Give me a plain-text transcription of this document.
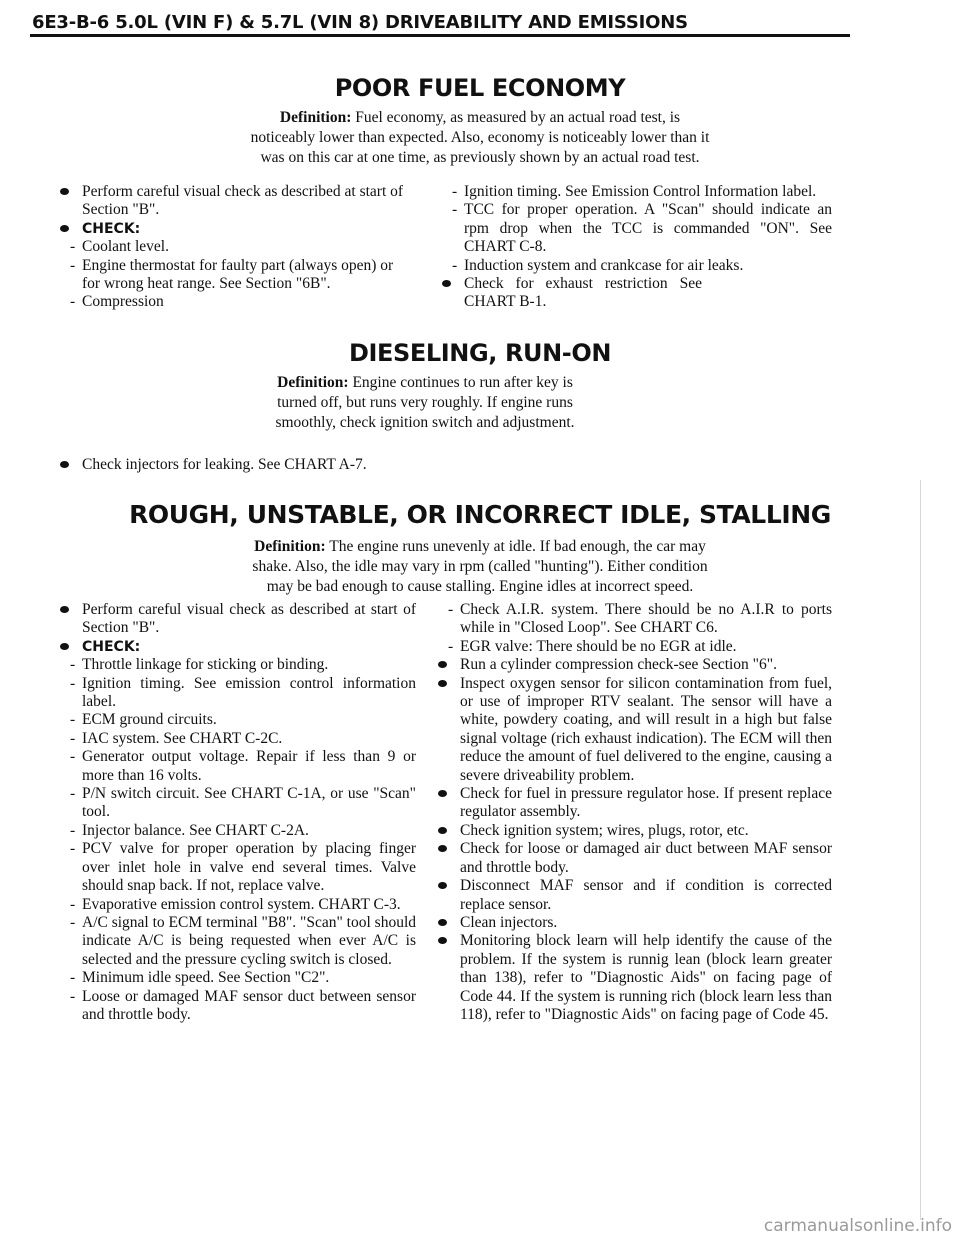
6E3-B-6 5.0L (VIN F) & 5.7L (VIN 8) DRIVEABILITY AND EMISSIONS
POOR FUEL ECONOMY
Definition: Fuel economy, as measured by an actual road test, is
noticeably lower than expected. Also, economy is noticeably lower than it
was on this car at one time, as previously shown by an actual road test.
Perform careful visual check as described at start of Section "B".
CHECK:
- Coolant level.
- Engine thermostat for faulty part (always open) or for wrong heat range. See Section "6B".
- Compression
- Ignition timing. See Emission Control Information label.
- TCC for proper operation. A "Scan" should indicate an rpm drop when the TCC is commanded "ON". See CHART C-8.
- Induction system and crankcase for air leaks.
Check for exhaust restriction See CHART B-1.
DIESELING, RUN-ON
Definition: Engine continues to run after key is
turned off, but runs very roughly. If engine runs
smoothly, check ignition switch and adjustment.
Check injectors for leaking. See CHART A-7.
ROUGH, UNSTABLE, OR INCORRECT IDLE, STALLING
Definition: The engine runs unevenly at idle. If bad enough, the car may
shake. Also, the idle may vary in rpm (called "hunting"). Either condition
may be bad enough to cause stalling. Engine idles at incorrect speed.
Perform careful visual check as described at start of Section "B".
CHECK:
- Throttle linkage for sticking or binding.
- Ignition timing. See emission control information label.
- ECM ground circuits.
- IAC system. See CHART C-2C.
- Generator output voltage. Repair if less than 9 or more than 16 volts.
- P/N switch circuit. See CHART C-1A, or use "Scan" tool.
- Injector balance. See CHART C-2A.
- PCV valve for proper operation by placing finger over inlet hole in valve end several times. Valve should snap back. If not, replace valve.
- Evaporative emission control system. CHART C-3.
- A/C signal to ECM terminal "B8". "Scan" tool should indicate A/C is being requested when ever A/C is selected and the pressure cycling switch is closed.
- Minimum idle speed. See Section "C2".
- Loose or damaged MAF sensor duct between sensor and throttle body.
- Check A.I.R. system. There should be no A.I.R to ports while in "Closed Loop". See CHART C6.
- EGR valve: There should be no EGR at idle.
Run a cylinder compression check-see Section "6".
Inspect oxygen sensor for silicon contamination from fuel, or use of improper RTV sealant. The sensor will have a white, powdery coating, and will result in a high but false signal voltage (rich exhaust indication). The ECM will then reduce the amount of fuel delivered to the engine, causing a severe driveability problem.
Check for fuel in pressure regulator hose. If present replace regulator assembly.
Check ignition system; wires, plugs, rotor, etc.
Check for loose or damaged air duct between MAF sensor and throttle body.
Disconnect MAF sensor and if condition is corrected replace sensor.
Clean injectors.
Monitoring block learn will help identify the cause of the problem. If the system is runnig lean (block learn greater than 138), refer to "Diagnostic Aids" on facing page of Code 44. If the system is running rich (block learn less than 118), refer to "Diagnostic Aids" on facing page of Code 45.
carmanualsonline.info
